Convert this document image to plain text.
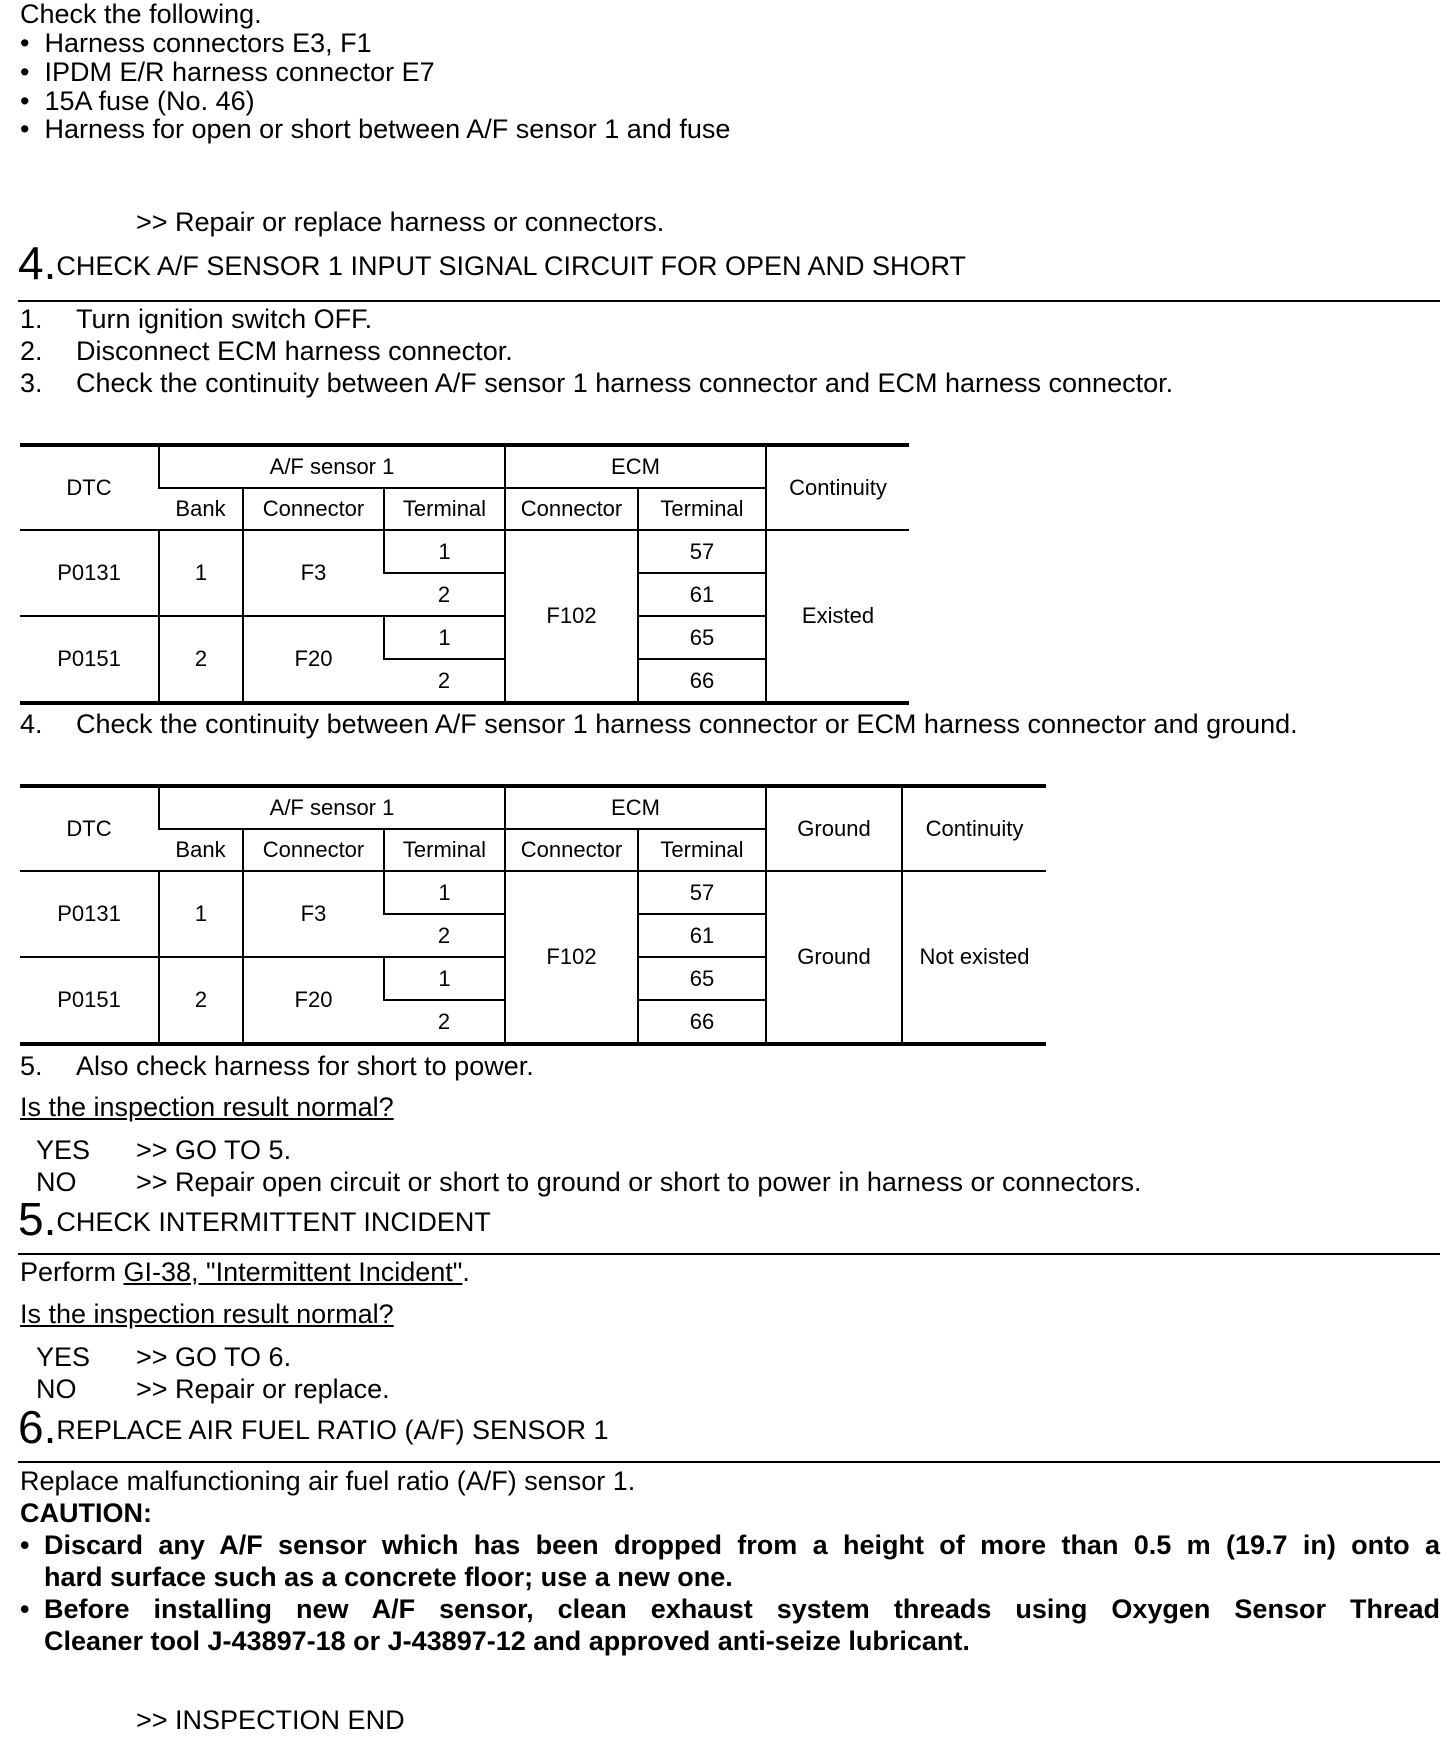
Check the following.
•  Harness connectors E3, F1
•  IPDM E/R harness connector E7
•  15A fuse (No. 46)
•  Harness for open or short between A/F sensor 1 and fuse
>> Repair or replace harness or connectors.
4.CHECK A/F SENSOR 1 INPUT SIGNAL CIRCUIT FOR OPEN AND SHORT
1. Turn ignition switch OFF.
2. Disconnect ECM harness connector.
3. Check the continuity between A/F sensor 1 harness connector and ECM harness connector.
DTC	A/F sensor 1			ECM		Continuity
	Bank	Connector	Terminal	Connector	Terminal	
P0131	1	F3	1	F102	57	Existed
			2		61	
P0151	2	F20	1		65	
			2		66	
4. Check the continuity between A/F sensor 1 harness connector or ECM harness connector and ground.
DTC	A/F sensor 1			ECM		Ground	Continuity
	Bank	Connector	Terminal	Connector	Terminal		
P0131	1	F3	1	F102	57	Ground	Not existed
			2		61		
P0151	2	F20	1		65		
			2		66		
5. Also check harness for short to power.
Is the inspection result normal?
YES >> GO TO 5.
NO >> Repair open circuit or short to ground or short to power in harness or connectors.
5.CHECK INTERMITTENT INCIDENT
Perform GI-38, "Intermittent Incident".
Is the inspection result normal?
YES >> GO TO 6.
NO >> Repair or replace.
6.REPLACE AIR FUEL RATIO (A/F) SENSOR 1
Replace malfunctioning air fuel ratio (A/F) sensor 1.
CAUTION:
• Discard any A/F sensor which has been dropped from a height of more than 0.5 m (19.7 in) onto a
hard surface such as a concrete floor; use a new one.
• Before installing new A/F sensor, clean exhaust system threads using Oxygen Sensor Thread
Cleaner tool J-43897-18 or J-43897-12 and approved anti-seize lubricant.
>> INSPECTION END
